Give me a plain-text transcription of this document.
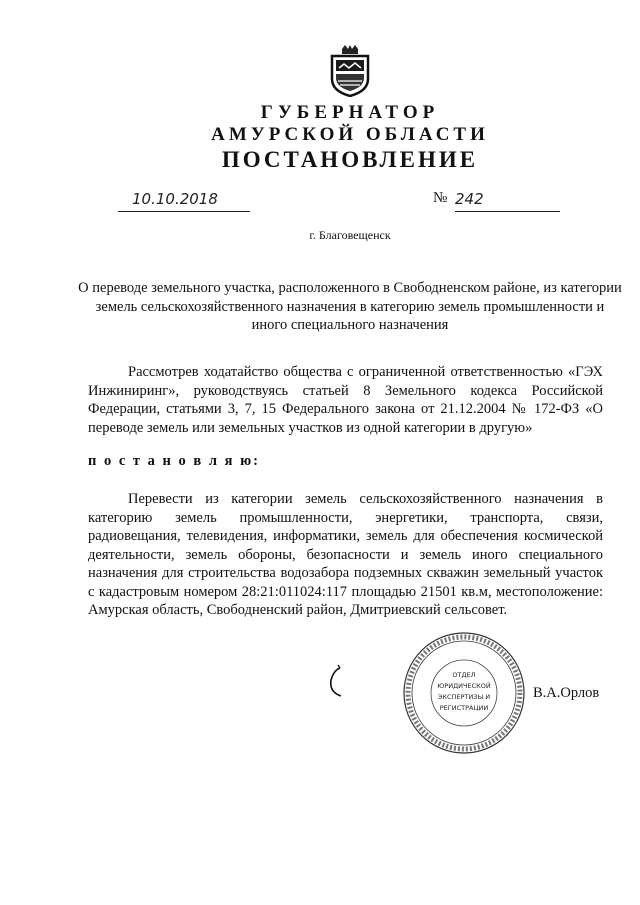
ГУБЕРНАТОР
АМУРСКОЙ ОБЛАСТИ
ПОСТАНОВЛЕНИЕ
10.10.2018	№ 242
г. Благовещенск
О переводе земельного участка, расположенного в Свободненском районе, из категории земель сельскохозяйственного назначения в категорию земель промышленности и иного специального назначения

Рассмотрев ходатайство общества с ограниченной ответственностью «ГЭХ Инжиниринг», руководствуясь статьей 8 Земельного кодекса Российской Федерации, статьями 3, 7, 15 Федерального закона от 21.12.2004 № 172-ФЗ «О переводе земель или земельных участков из одной категории в другую»

п о с т а н о в л я ю:

Перевести из категории земель сельскохозяйственного назначения в категорию земель промышленности, энергетики, транспорта, связи, радиовещания, телевидения, информатики, земель для обеспечения космической деятельности, земель обороны, безопасности и земель иного специального назначения для строительства водозабора подземных скважин земельный участок с кадастровым номером 28:21:011024:117 площадью 21501 кв.м, местоположение: Амурская область, Свободненский район, Дмитриевский сельсовет.

ОТДЕЛ
ЮРИДИЧЕСКОЙ
ЭКСПЕРТИЗЫ И
РЕГИСТРАЦИИ
В.А.Орлов
